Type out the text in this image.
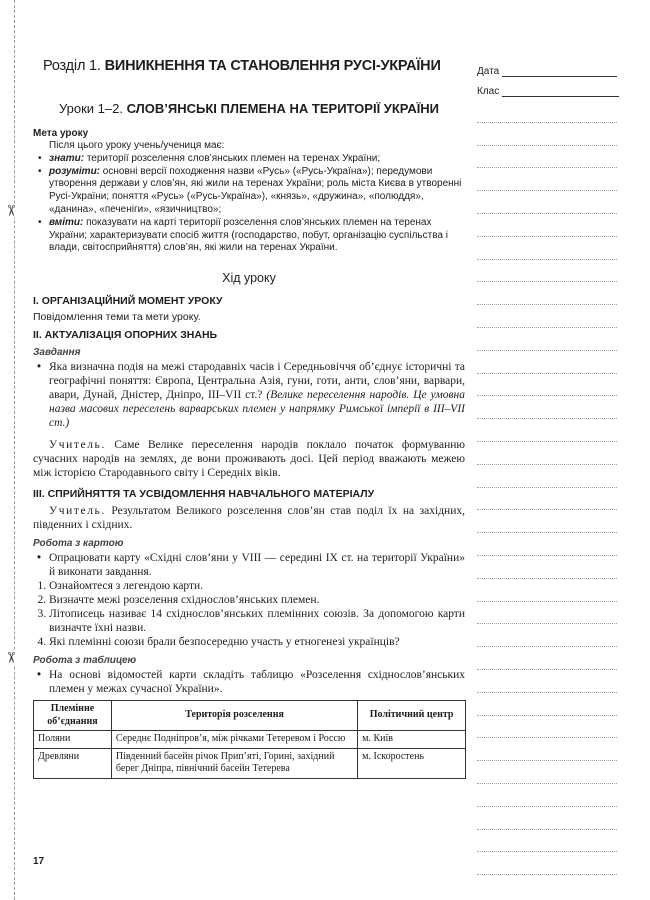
✂
✂
Дата
Клас
Розділ 1. ВИНИКНЕННЯ ТА СТАНОВЛЕННЯ РУСІ-УКРАЇНИ
Уроки 1–2. СЛОВ’ЯНСЬКІ ПЛЕМЕНА НА ТЕРИТОРІЇ УКРАЇНИ
Мета уроку

Після цього уроку учень/учениця має:

• знати: території розселення слов’янських племен на теренах України;
• розуміти: основні версії походження назви «Русь» («Русь-Україна»); передумови утворення держави у слов’ян, які жили на теренах України; роль міста Києва в утворенні Русі-України; поняття «Русь» («Русь-Україна»), «князь», «дружина», «полюддя», «данина», «печеніги», «язичництво»;
• вміти: показувати на карті території розселення слов’янських племен на теренах України; характеризувати спосіб життя (господарство, побут, організацію суспільства і влади, світосприйняття) слов’ян, які жили на теренах України.
Хід уроку
І. ОРГАНІЗАЦІЙНИЙ МОМЕНТ УРОКУ
Повідомлення теми та мети уроку.
ІІ. АКТУАЛІЗАЦІЯ ОПОРНИХ ЗНАНЬ
Завдання
• Яка визначна подія на межі стародавніх часів і Середньовіччя об’єднує історичні та географічні поняття: Європа, Центральна Азія, гуни, готи, анти, слов’яни, варвари, авари, Дунай, Дністер, Дніпро, III–VII ст.? (Велике переселення народів. Це умовна назва масових переселень варварських племен у напрямку Римської імперії в III–VII ст.)

Учитель. Саме Велике переселення народів поклало початок формуванню сучасних народів на землях, де вони проживають досі. Цей період вважають межею між історією Стародавнього світу і Середніх віків.

ІІІ. СПРИЙНЯТТЯ ТА УСВІДОМЛЕННЯ НАВЧАЛЬНОГО МАТЕРІАЛУ

Учитель. Результатом Великого розселення слов’ян став поділ їх на західних, південних і східних.

Робота з картою
• Опрацювати карту «Східні слов’яни у VIII — середині IX ст. на території України» й виконати завдання.
1. Ознайомтеся з легендою карти.
2. Визначте межі розселення східнослов’янських племен.
3. Літописець називає 14 східнослов’янських племінних союзів. За допомогою карти визначте їхні назви.
4. Які племінні союзи брали безпосередню участь у етногенезі українців?
Робота з таблицею
• На основі відомостей карти складіть таблицю «Розселення східнослов’янських племен у межах сучасної України».
Племінне об’єднання	Територія розселення	Політичний центр
Поляни	Середнє Подніпров’я, між річками Тетеревом і Россю	м. Київ
Древляни	Південний басейн річок Прип’яті, Горині, західний берег Дніпра, північний басейн Тетерева	м. Іскоростень
17
